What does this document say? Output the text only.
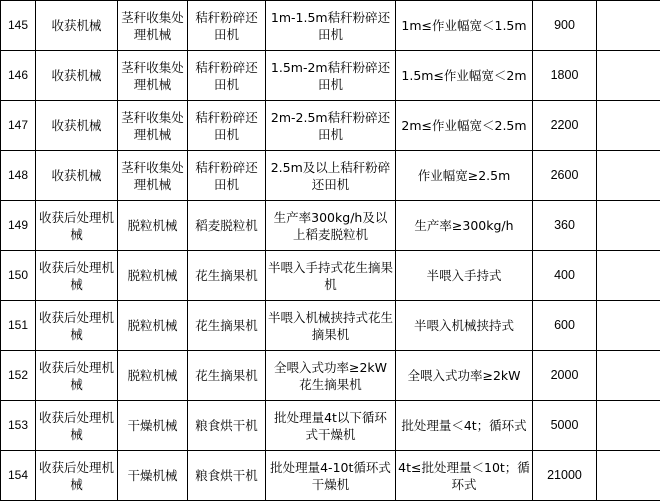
145	收获机械	茎秆收集处理机械	秸秆粉碎还田机	1m-1.5m秸秆粉碎还田机	1m≤作业幅宽＜1.5m	900	
146	收获机械	茎秆收集处理机械	秸秆粉碎还田机	1.5m-2m秸秆粉碎还田机	1.5m≤作业幅宽＜2m	1800	
147	收获机械	茎秆收集处理机械	秸秆粉碎还田机	2m-2.5m秸秆粉碎还田机	2m≤作业幅宽＜2.5m	2200	
148	收获机械	茎秆收集处理机械	秸秆粉碎还田机	2.5m及以上秸秆粉碎还田机	作业幅宽≥2.5m	2600	
149	收获后处理机械	脱粒机械	稻麦脱粒机	生产率300kg/h及以上稻麦脱粒机	生产率≥300kg/h	360	
150	收获后处理机械	脱粒机械	花生摘果机	半喂入手持式花生摘果机	半喂入手持式	400	
151	收获后处理机械	脱粒机械	花生摘果机	半喂入机械挟持式花生摘果机	半喂入机械挟持式	600	
152	收获后处理机械	脱粒机械	花生摘果机	全喂入式功率≥2kW花生摘果机	全喂入式功率≥2kW	2000	
153	收获后处理机械	干燥机械	粮食烘干机	批处理量4t以下循环式干燥机	批处理量＜4t；循环式	5000	
154	收获后处理机械	干燥机械	粮食烘干机	批处理量4-10t循环式干燥机	4t≤批处理量＜10t；循环式	21000	
